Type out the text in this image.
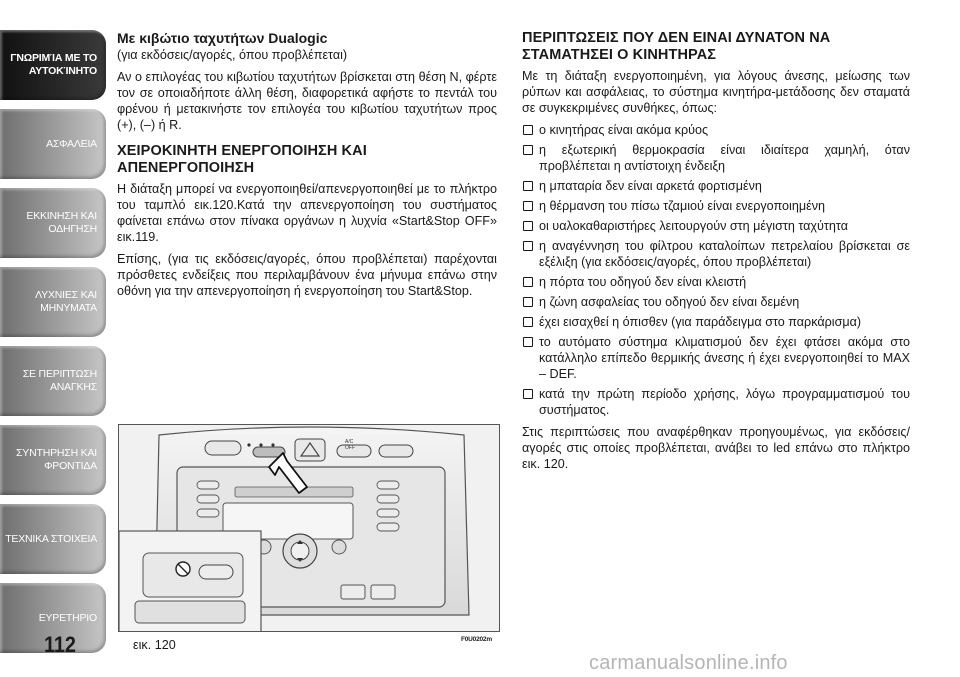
ΓΝΩΡΙΜΊΑ ΜΕ ΤΟ
ΑΥΤΟΚΊΝΗΤΟ
ΑΣΦΑΛΕΙΑ
ΕΚΚΙΝΗΣΗ ΚΑΙ
ΟΔΗΓΗΣΗ
ΛΥΧΝΙΕΣ ΚΑΙ
ΜΗΝΥΜΑΤΑ
ΣΕ ΠΕΡΙΠΤΩΣΗ
ΑΝΑΓΚΗΣ
ΣΥΝΤΗΡΗΣΗ ΚΑΙ
ΦΡΟΝΤΙΔΑ
ΤΕΧΝΙΚΑ ΣΤΟΙΧΕΙΑ
ΕΥΡΕΤΗΡΙΟ
112
Με κιβώτιο ταχυτήτων Dualogic
(για εκδόσεις/αγορές, όπου προβλέπεται)

Αν ο επιλογέας του κιβωτίου ταχυτήτων βρίσκεται στη θέση N, φέρτε τον σε οποιαδήποτε άλλη θέση, διαφορετικά αφήστε το πεντάλ του φρένου ή μετακινήστε τον επιλογέα του κιβωτίου ταχυτήτων προς (+), (–) ή R.

ΧΕΙΡΟΚΙΝΗΤΗ ΕΝΕΡΓΟΠΟΙΗΣΗ ΚΑΙ ΑΠΕΝΕΡΓΟΠΟΙΗΣΗ

Η διάταξη μπορεί να ενεργοποιηθεί/απενεργοποιηθεί με το πλήκτρο του ταμπλό εικ.120.Κατά την απενεργοποίηση του συστήματος φαίνεται επάνω στον πίνακα οργάνων η λυχνία «Start&Stop OFF» εικ.119.

Επίσης, (για τις εκδόσεις/αγορές, όπου προβλέπεται) παρέχονται πρόσθετες ενδείξεις που περιλαμβάνουν ένα μήνυμα επάνω στην οθόνη για την απενεργοποίηση ή ενεργοποίηση του Start&Stop.

A/C
OFF
εικ. 120	F0U0202m
ΠΕΡΙΠΤΩΣΕΙΣ ΠΟΥ ΔΕΝ ΕΙΝΑΙ ΔΥΝΑΤΟΝ ΝΑ ΣΤΑΜΑΤΗΣΕΙ Ο ΚΙΝΗΤΗΡΑΣ

Με τη διάταξη ενεργοποιημένη, για λόγους άνεσης, μείωσης των ρύπων και ασφάλειας, το σύστημα κινητήρα-μετάδοσης δεν σταματά σε συγκεκριμένες συνθήκες, όπως:

ο κινητήρας είναι ακόμα κρύος
η εξωτερική θερμοκρασία είναι ιδιαίτερα χαμηλή, όταν προβλέπεται η αντίστοιχη ένδειξη
η μπαταρία δεν είναι αρκετά φορτισμένη
η θέρμανση του πίσω τζαμιού είναι ενεργοποιημένη
οι υαλοκαθαριστήρες λειτουργούν στη μέγιστη ταχύτητα
η αναγέννηση του φίλτρου καταλοίπων πετρελαίου βρίσκεται σε εξέλιξη (για εκδόσεις/αγορές, όπου προβλέπεται)
η πόρτα του οδηγού δεν είναι κλειστή
η ζώνη ασφαλείας του οδηγού δεν είναι δεμένη
έχει εισαχθεί η όπισθεν (για παράδειγμα στο παρκάρισμα)
το αυτόματο σύστημα κλιματισμού δεν έχει φτάσει ακόμα στο κατάλληλο επίπεδο θερμικής άνεσης ή έχει ενεργοποιηθεί το MAX – DEF.
κατά την πρώτη περίοδο χρήσης, λόγω προγραμματισμού του συστήματος.

Στις περιπτώσεις που αναφέρθηκαν προηγουμένως, για εκδόσεις/αγορές στις οποίες προβλέπεται, ανάβει το led επάνω στο πλήκτρο εικ. 120.

carmanualsonline.info
